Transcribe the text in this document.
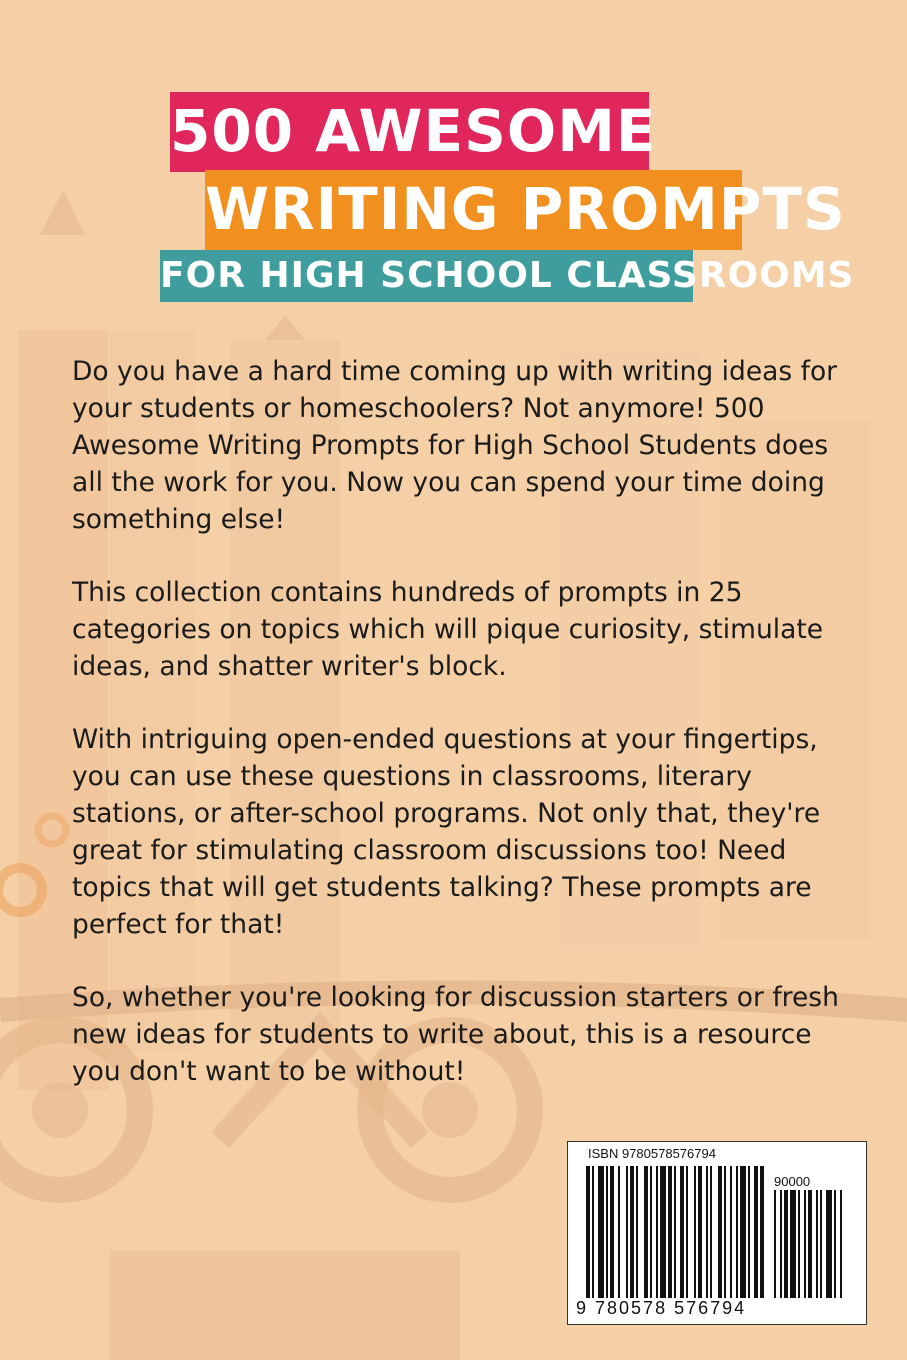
500 AWESOME
WRITING PROMPTS
FOR HIGH SCHOOL CLASSROOMS

Do you have a hard time coming up with writing ideas for your students or homeschoolers? Not anymore! 500 Awesome Writing Prompts for High School Students does all the work for you. Now you can spend your time doing something else!

This collection contains hundreds of prompts in 25 categories on topics which will pique curiosity, stimulate ideas, and shatter writer's block.

With intriguing open-ended questions at your fingertips, you can use these questions in classrooms, literary stations, or after-school programs. Not only that, they're great for stimulating classroom discussions too! Need topics that will get students talking? These prompts are perfect for that!

So, whether you're looking for discussion starters or fresh new ideas for students to write about, this is a resource you don't want to be without!

ISBN 9780578576794
90000
9 780578 576794
